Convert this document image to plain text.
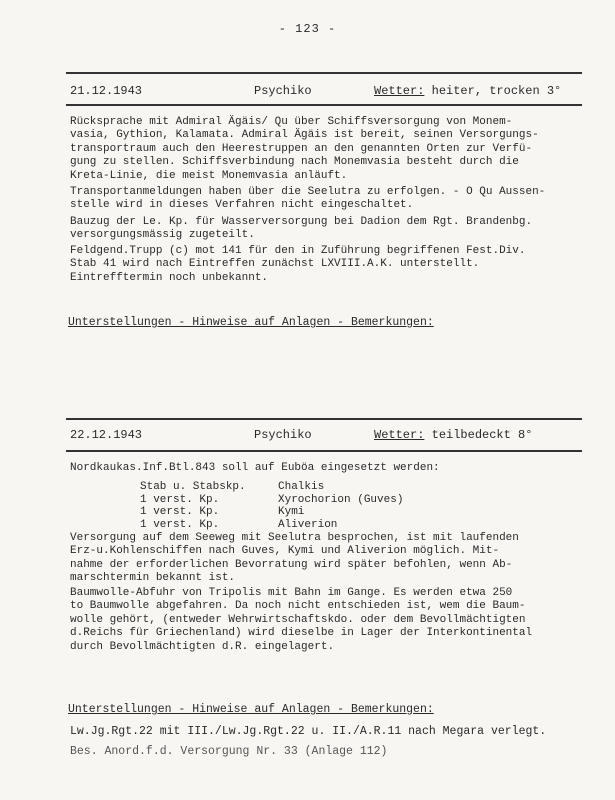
- 123 -
21.12.1943	Psychiko	Wetter: heiter, trocken 3°
Rücksprache mit Admiral Ägäis/ Qu über Schiffsversorgung von Monem-
vasia, Gythion, Kalamata. Admiral Ägäis ist bereit, seinen Versorgungs-
transportraum auch den Heerestruppen an den genannten Orten zur Verfü-
gung zu stellen. Schiffsverbindung nach Monemvasia besteht durch die
Kreta-Linie, die meist Monemvasia anläuft.
Transportanmeldungen haben über die Seelutra zu erfolgen. - O Qu Aussen-
stelle wird in dieses Verfahren nicht eingeschaltet.
Bauzug der Le. Kp. für Wasserversorgung bei Dadion dem Rgt. Brandenbg.
versorgungsmässig zugeteilt.
Feldgend.Trupp (c) mot 141 für den in Zuführung begriffenen Fest.Div.
Stab 41 wird nach Eintreffen zunächst LXVIII.A.K. unterstellt.
Eintrefftermin noch unbekannt.
Unterstellungen - Hinweise auf Anlagen - Bemerkungen:
22.12.1943	Psychiko	Wetter: teilbedeckt 8°
Nordkaukas.Inf.Btl.843 soll auf Euböa eingesetzt werden:
Stab u. Stabskp.	Chalkis
1 verst. Kp.	Xyrochorion (Guves)
1 verst. Kp.	Kymi
1 verst. Kp.	Aliverion
Versorgung auf dem Seeweg mit Seelutra besprochen, ist mit laufenden
Erz-u.Kohlenschiffen nach Guves, Kymi und Aliverion möglich. Mit-
nahme der erforderlichen Bevorratung wird später befohlen, wenn Ab-
marschtermin bekannt ist.
Baumwolle-Abfuhr von Tripolis mit Bahn im Gange. Es werden etwa 250
to Baumwolle abgefahren. Da noch nicht entschieden ist, wem die Baum-
wolle gehört, (entweder Wehrwirtschaftskdo. oder dem Bevollmächtigten
d.Reichs für Griechenland) wird dieselbe in Lager der Interkontinental
durch Bevollmächtigten d.R. eingelagert.
Unterstellungen - Hinweise auf Anlagen - Bemerkungen:
Lw.Jg.Rgt.22 mit III./Lw.Jg.Rgt.22 u. II./A.R.11 nach Megara verlegt.
Bes. Anord.f.d. Versorgung Nr. 33 (Anlage 112)
